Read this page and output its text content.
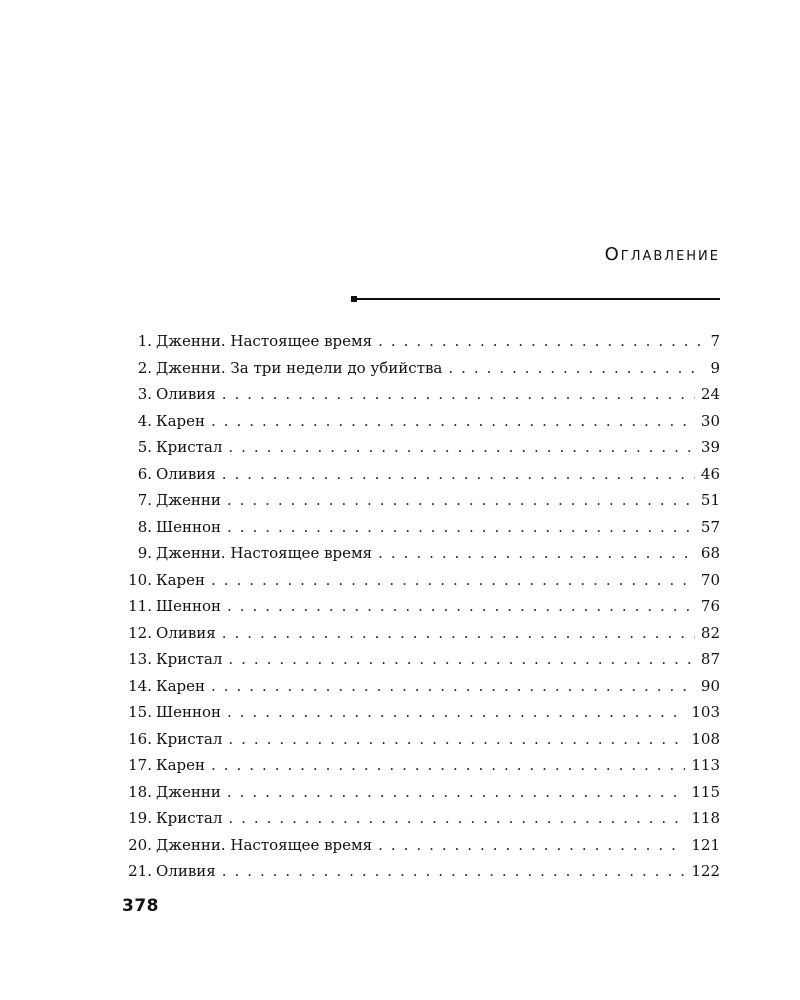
Оглавление
1. Дженни. Настоящее время . . .	7
2. Дженни. За три недели до убийства . . .	9
3. Оливия . . .	24
4. Карен . . .	30
5. Кристал . . .	39
6. Оливия . . .	46
7. Дженни . . .	51
8. Шеннон . . .	57
9. Дженни. Настоящее время . . .	68
10. Карен . . .	70
11. Шеннон . . .	76
12. Оливия . . .	82
13. Кристал . . .	87
14. Карен . . .	90
15. Шеннон . . .	103
16. Кристал . . .	108
17. Карен . . .	113
18. Дженни . . .	115
19. Кристал . . .	118
20. Дженни. Настоящее время . . .	121
21. Оливия . . .	122
378
